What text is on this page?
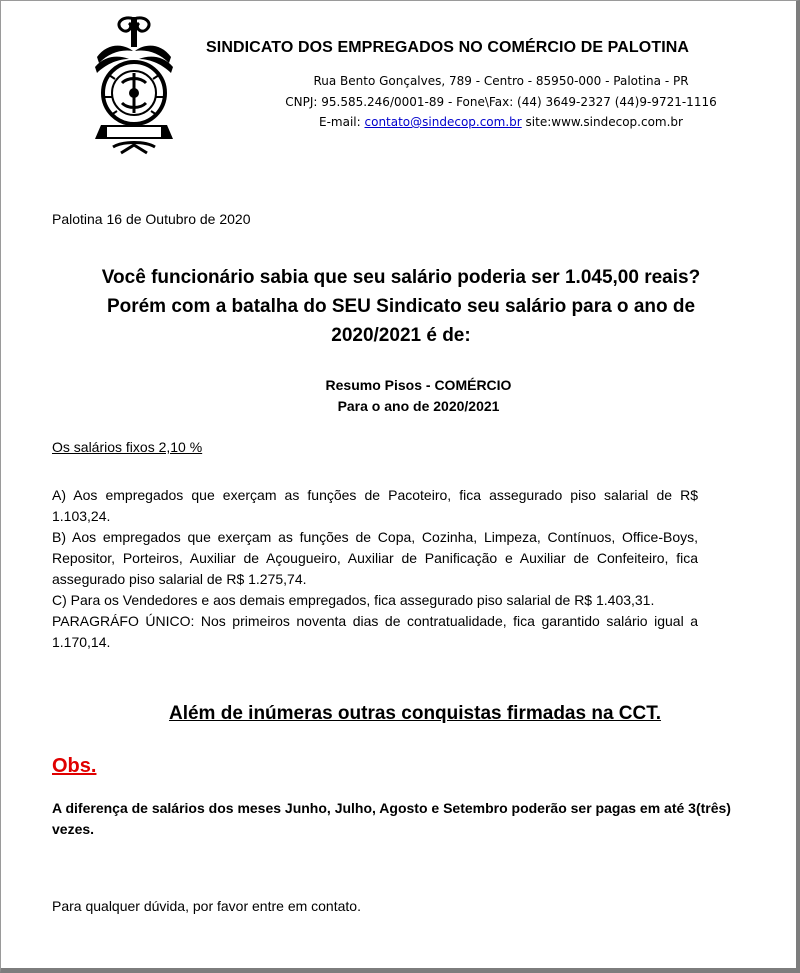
SINDICATO DOS EMPREGADOS NO COMÉRCIO DE PALOTINA
Rua Bento Gonçalves, 789 - Centro - 85950-000 - Palotina - PR
CNPJ: 95.585.246/0001-89 - Fone\Fax: (44) 3649-2327 (44)9-9721-1116
E-mail: contato@sindecop.com.br site:www.sindecop.com.br
Palotina 16 de Outubro de 2020
Você funcionário sabia que seu salário poderia ser 1.045,00 reais?
Porém com a batalha do SEU Sindicato seu salário para o ano de
2020/2021 é de:
Resumo Pisos - COMÉRCIO
Para o ano de 2020/2021
Os salários fixos 2,10 %
A) Aos empregados que exerçam as funções de Pacoteiro, fica assegurado piso salarial de R$ 1.103,24.
B) Aos empregados que exerçam as funções de Copa, Cozinha, Limpeza, Contínuos, Office-Boys, Repositor, Porteiros, Auxiliar de Açougueiro, Auxiliar de Panificação e Auxiliar de Confeiteiro, fica assegurado piso salarial de R$ 1.275,74.
C) Para os Vendedores e aos demais empregados, fica assegurado piso salarial de R$ 1.403,31.
PARAGRÁFO ÚNICO: Nos primeiros noventa dias de contratualidade, fica garantido salário igual a 1.170,14.
Além de inúmeras outras conquistas firmadas na CCT.
Obs.
A diferença de salários dos meses Junho, Julho, Agosto e Setembro poderão ser pagas em até 3(três) vezes.
Para qualquer dúvida, por favor entre em contato.
